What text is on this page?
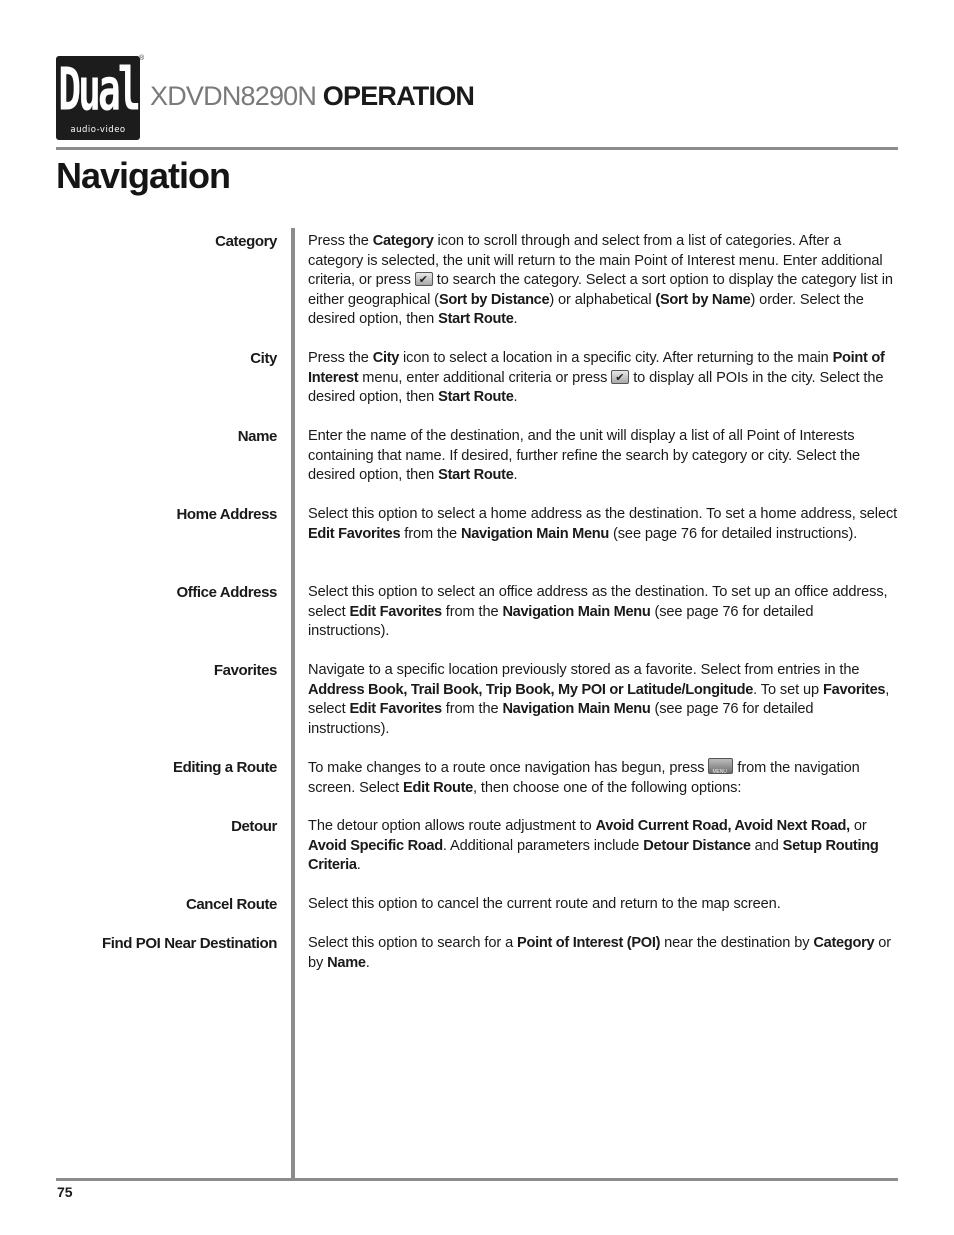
Dual
audio-video
®
XDVDN8290N OPERATION
Navigation
Category Press the Category icon to scroll through and select from a list of categories. After a category is selected, the unit will return to the main Point of Interest menu. Enter additional criteria, or press ✔ to search the category. Select a sort option to display the category list in either geographical (Sort by Distance) or alphabetical (Sort by Name) order. Select the desired option, then Start Route.
City Press the City icon to select a location in a specific city. After returning to the main Point of Interest menu, enter additional criteria or press ✔ to display all POIs in the city. Select the desired option, then Start Route.
Name Enter the name of the destination, and the unit will display a list of all Point of Interests containing that name. If desired, further refine the search by category or city. Select the desired option, then Start Route.
Home Address Select this option to select a home address as the destination. To set a home address, select Edit Favorites from the Navigation Main Menu (see page 76 for detailed instructions).
Office Address Select this option to select an office address as the destination. To set up an office address, select Edit Favorites from the Navigation Main Menu (see page 76 for detailed instructions).
Favorites Navigate to a specific location previously stored as a favorite. Select from entries in the Address Book, Trail Book, Trip Book, My POI or Latitude/Longitude. To set up Favorites, select Edit Favorites from the Navigation Main Menu (see page 76 for detailed instructions).
Editing a Route To make changes to a route once navigation has begun, press MENU from the navigation screen. Select Edit Route, then choose one of the following options:
Detour The detour option allows route adjustment to Avoid Current Road, Avoid Next Road, or Avoid Specific Road. Additional parameters include Detour Distance and Setup Routing Criteria.
Cancel Route Select this option to cancel the current route and return to the map screen.
Find POI Near Destination Select this option to search for a Point of Interest (POI) near the destination by Category or by Name.
75
